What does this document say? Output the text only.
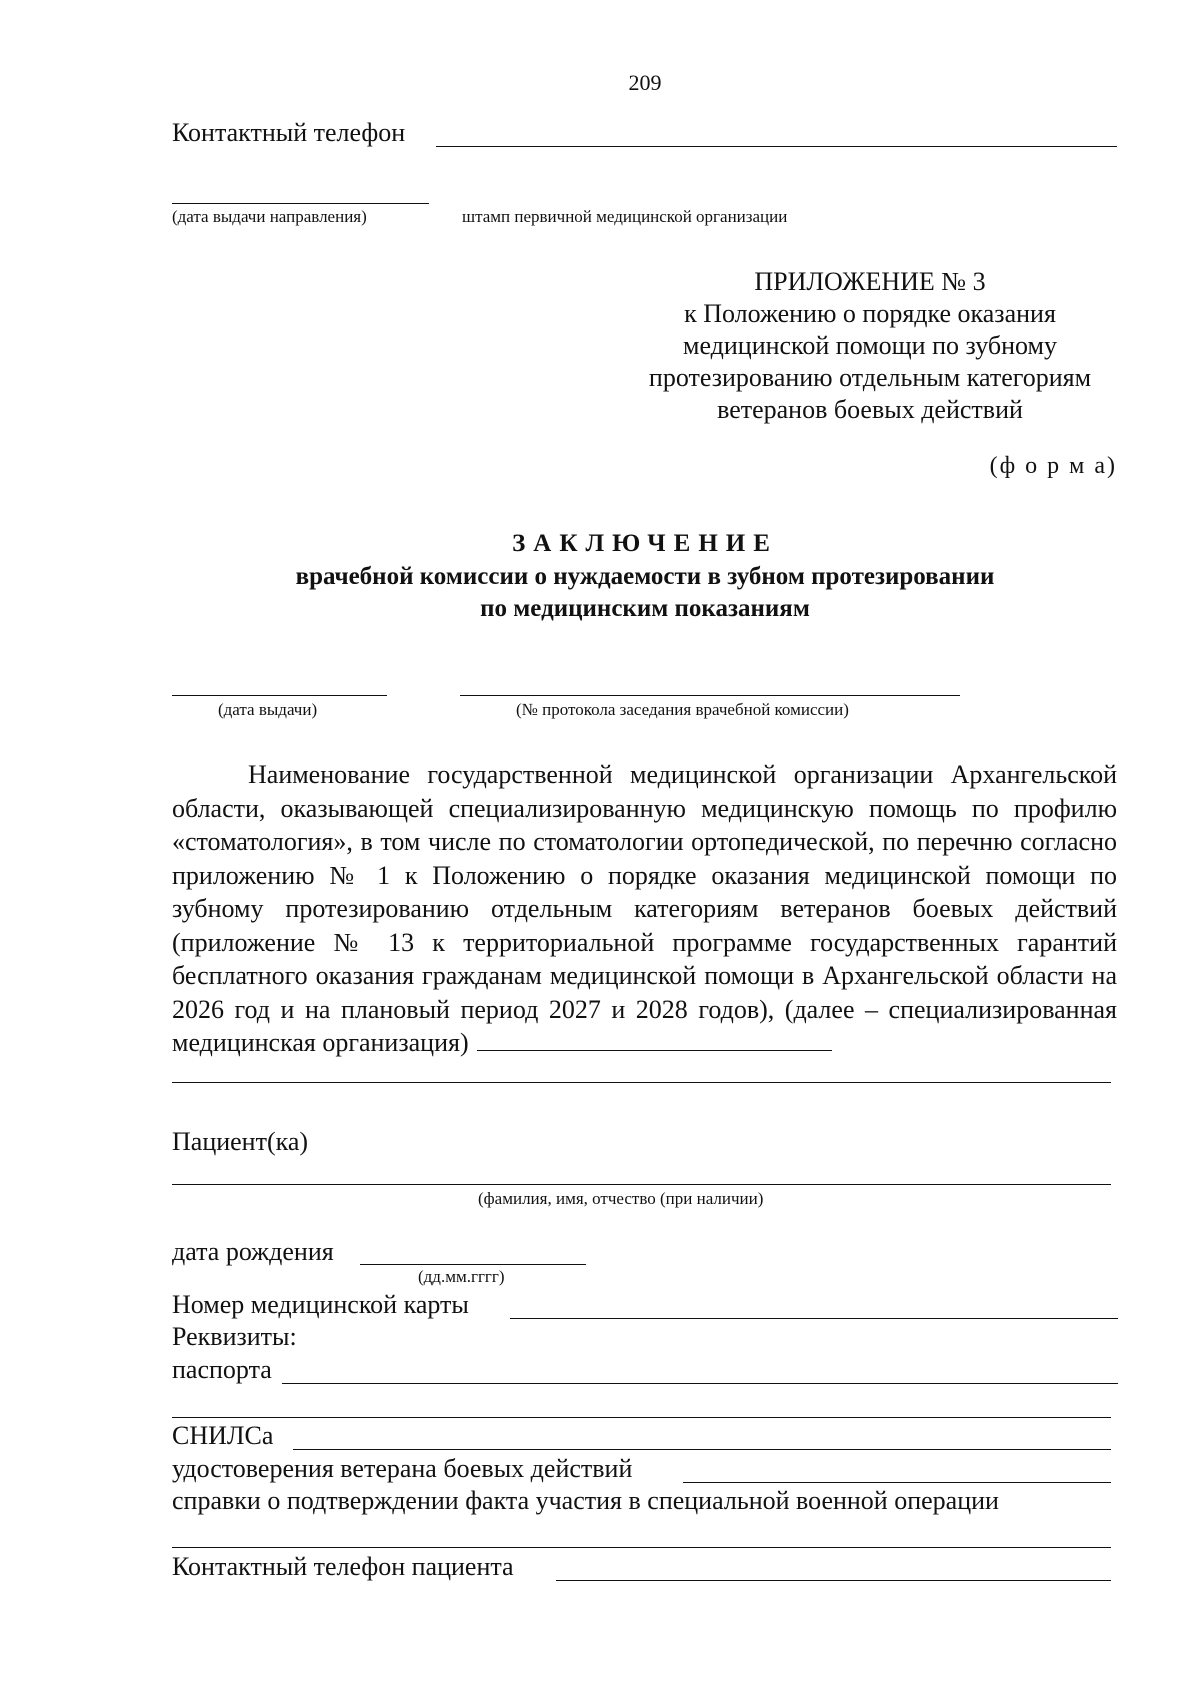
209
Контактный телефон
(дата выдачи направления)	штамп первичной медицинской организации
ПРИЛОЖЕНИЕ № 3
к Положению о порядке оказания
медицинской помощи по зубному
протезированию отдельным категориям
ветеранов боевых действий
(ф о р м а)
ЗАКЛЮЧЕНИЕ
врачебной комиссии о нуждаемости в зубном протезировании
по медицинским показаниям
(дата выдачи)	(№ протокола заседания врачебной комиссии)
Наименование государственной медицинской организации Архангельской области, оказывающей специализированную медицинскую помощь по профилю «стоматология», в том числе по стоматологии ортопедической, по перечню согласно приложению № 1 к Положению о порядке оказания медицинской помощи по зубному протезированию отдельным категориям ветеранов боевых действий (приложение № 13 к территориальной программе государственных гарантий бесплатного оказания гражданам медицинской помощи в Архангельской области на 2026 год и на плановый период 2027 и 2028 годов), (далее – специализированная медицинская организация)
Пациент(ка)
(фамилия, имя, отчество (при наличии)
дата рождения
(дд.мм.гггг)
Номер медицинской карты
Реквизиты:
паспорта
СНИЛСа
удостоверения ветерана боевых действий
справки о подтверждении факта участия в специальной военной операции
Контактный телефон пациента
